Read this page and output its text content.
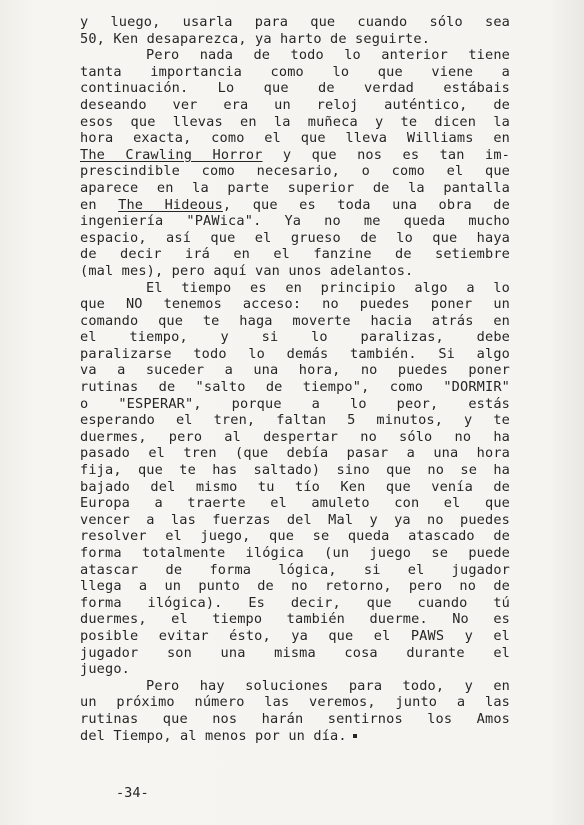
y luego, usarla para que cuando sólo sea
50, Ken desaparezca, ya harto de seguirte.
Pero nada de todo lo anterior tiene
tanta importancia como lo que viene a
continuación. Lo que de verdad estábais
deseando ver era un reloj auténtico, de
esos que llevas en la muñeca y te dicen la
hora exacta, como el que lleva Williams en
The Crawling Horror y que nos es tan im-
prescindible como necesario, o como el que
aparece en la parte superior de la pantalla
en The Hideous, que es toda una obra de
ingeniería "PAWica". Ya no me queda mucho
espacio, así que el grueso de lo que haya
de decir irá en el fanzine de setiembre
(mal mes), pero aquí van unos adelantos.
El tiempo es en principio algo a lo
que NO tenemos acceso: no puedes poner un
comando que te haga moverte hacia atrás en
el tiempo, y si lo paralizas, debe
paralizarse todo lo demás también. Si algo
va a suceder a una hora, no puedes poner
rutinas de "salto de tiempo", como "DORMIR"
o "ESPERAR", porque a lo peor, estás
esperando el tren, faltan 5 minutos, y te
duermes, pero al despertar no sólo no ha
pasado el tren (que debía pasar a una hora
fija, que te has saltado) sino que no se ha
bajado del mismo tu tío Ken que venía de
Europa a traerte el amuleto con el que
vencer a las fuerzas del Mal y ya no puedes
resolver el juego, que se queda atascado de
forma totalmente ilógica (un juego se puede
atascar de forma lógica, si el jugador
llega a un punto de no retorno, pero no de
forma ilógica). Es decir, que cuando tú
duermes, el tiempo también duerme. No es
posible evitar ésto, ya que el PAWS y el
jugador son una misma cosa durante el
juego.
Pero hay soluciones para todo, y en
un próximo número las veremos, junto a las
rutinas que nos harán sentirnos los Amos
del Tiempo, al menos por un día.
-34-
